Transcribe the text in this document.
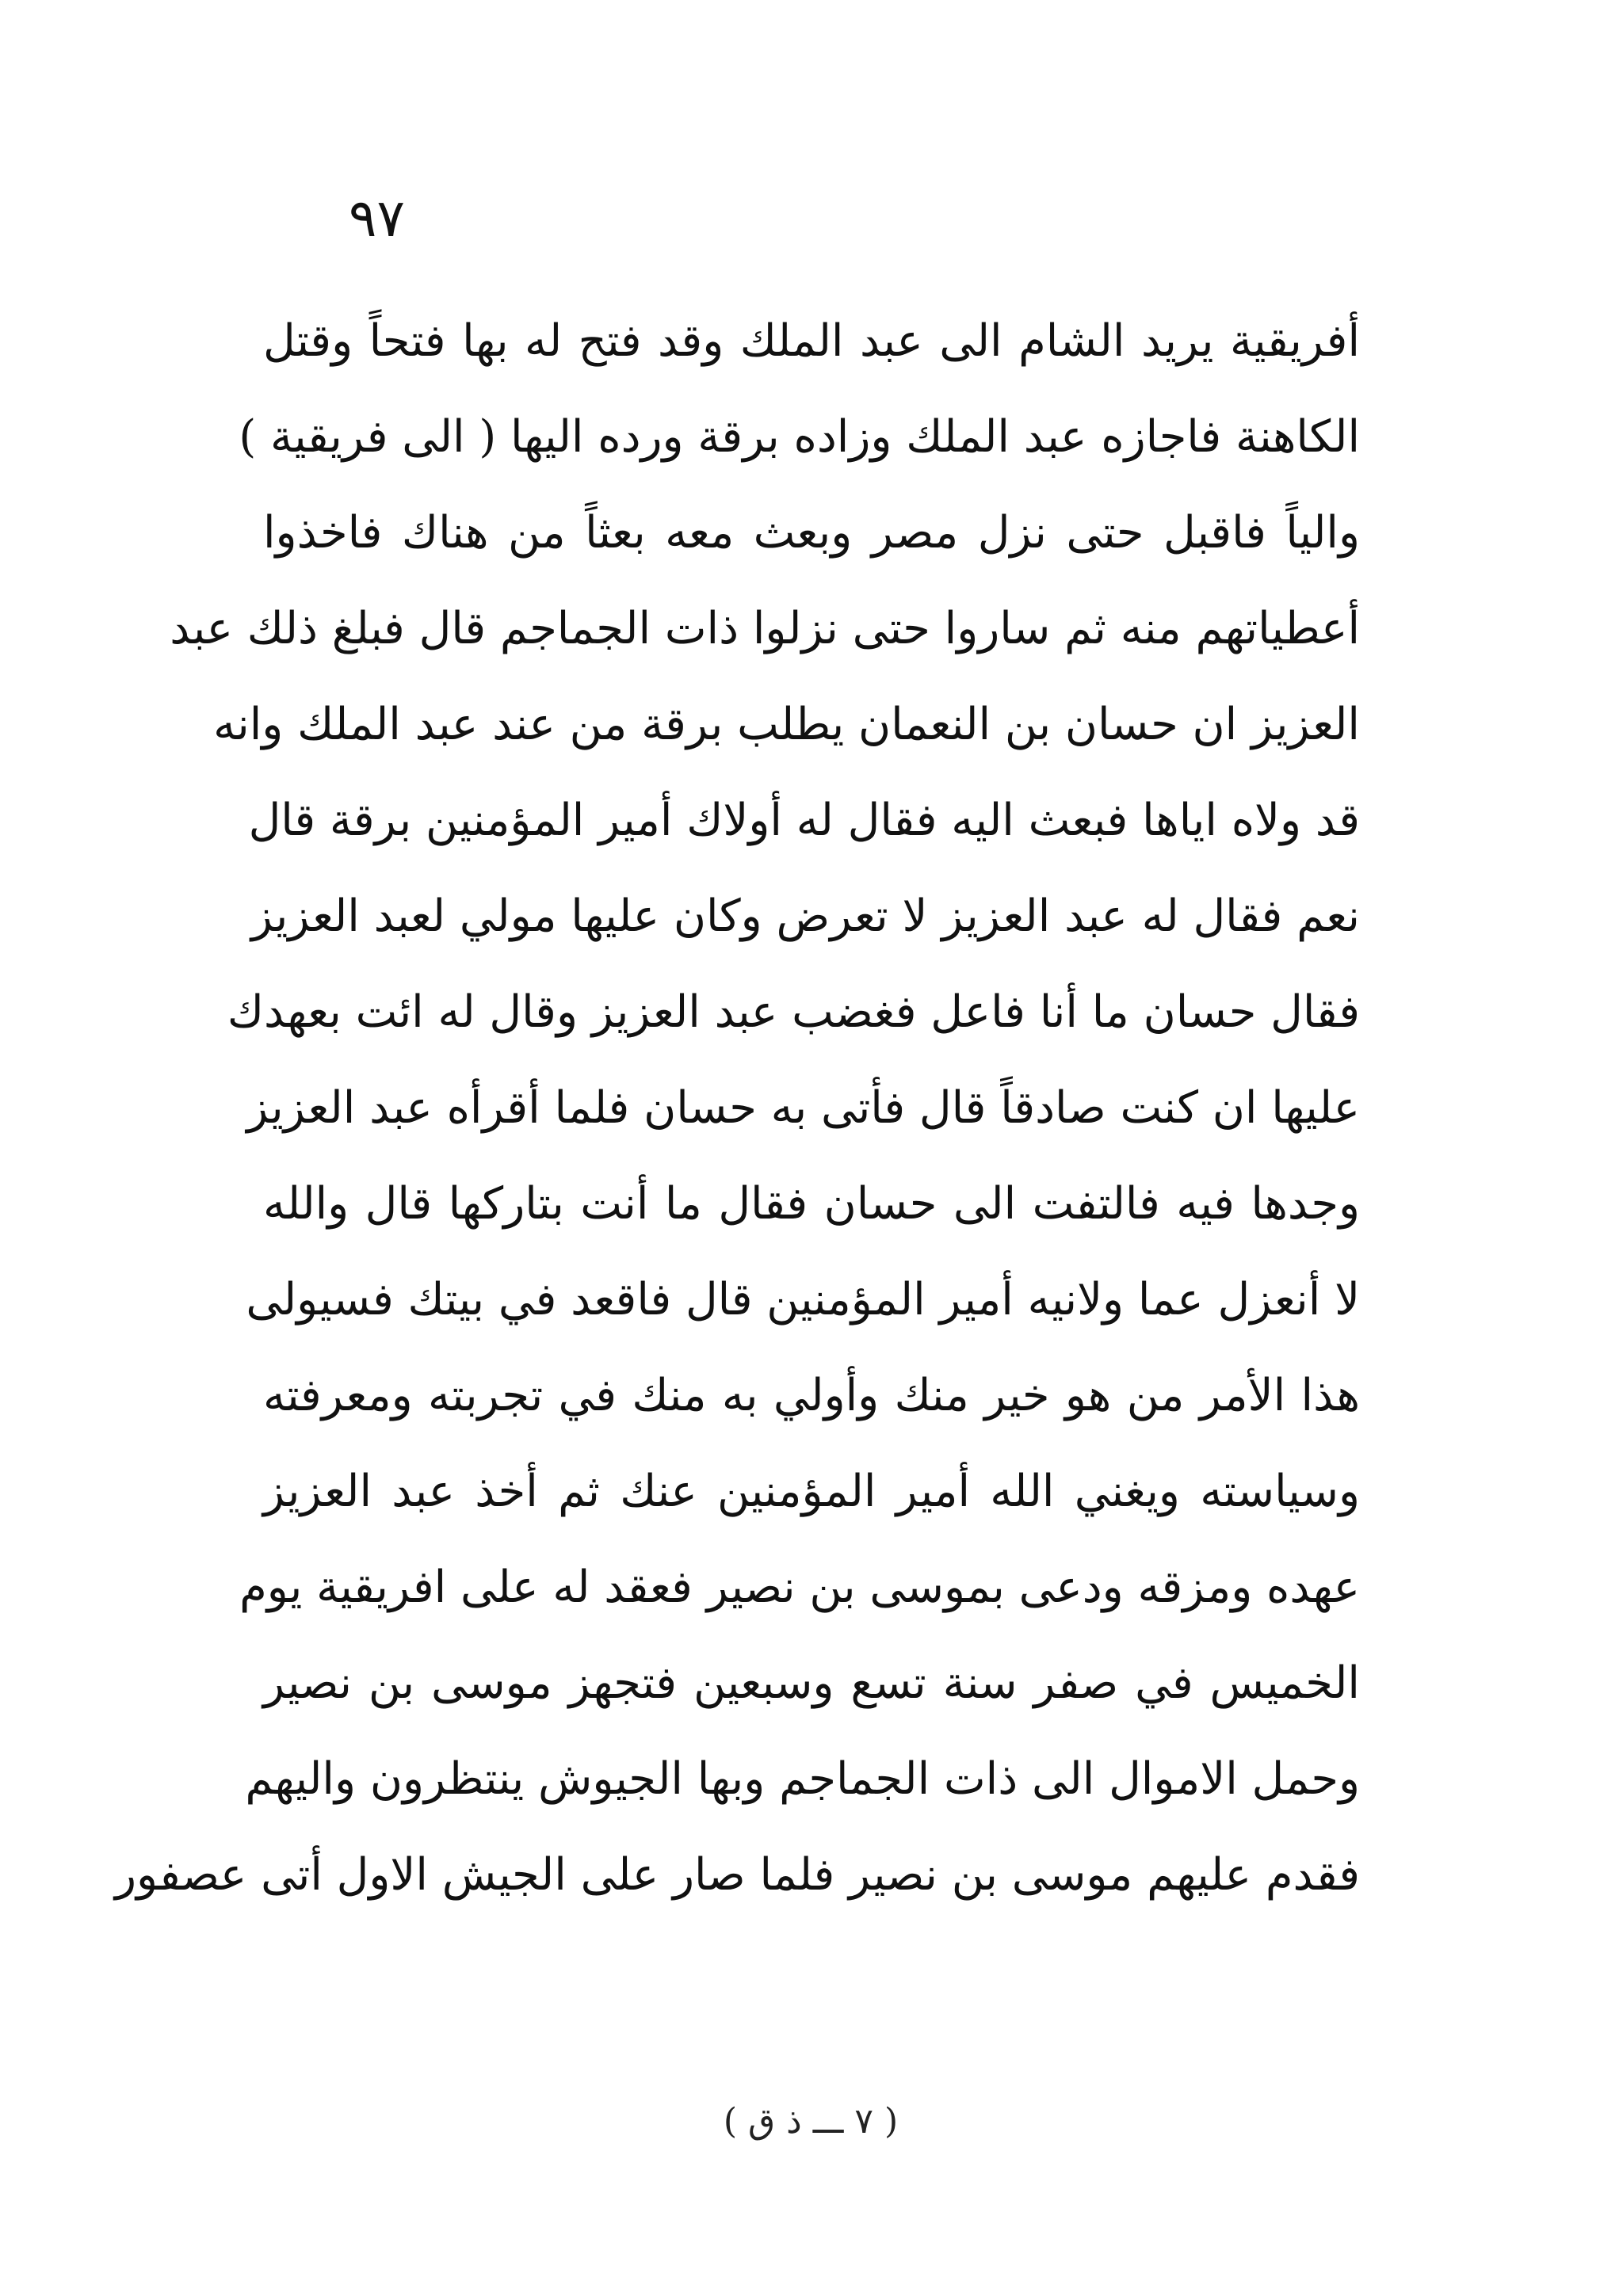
٩٧
أفريقية يريد الشام الى عبد الملك وقد فتح له بها فتحاً وقتل
الكاهنة فاجازه عبد الملك وزاده برقة ورده اليها ( الى فريقية )
والياً فاقبل حتى نزل مصر وبعث معه بعثاً من هناك فاخذوا
أعطياتهم منه ثم ساروا حتى نزلوا ذات الجماجم قال فبلغ ذلك عبد
العزيز ان حسان بن النعمان يطلب برقة من عند عبد الملك وانه
قد ولاه اياها فبعث اليه فقال له أولاك أمير المؤمنين برقة قال
نعم فقال له عبد العزيز لا تعرض وكان عليها مولي لعبد العزيز
فقال حسان ما أنا فاعل فغضب عبد العزيز وقال له ائت بعهدك
عليها ان كنت صادقاً قال فأتى به حسان فلما أقرأه عبد العزيز
وجدها فيه فالتفت الى حسان فقال ما أنت بتاركها قال والله
لا أنعزل عما ولانيه أمير المؤمنين قال فاقعد في بيتك فسيولى
هذا الأمر من هو خير منك وأولي به منك في تجربته ومعرفته
وسياسته ويغني الله أمير المؤمنين عنك ثم أخذ عبد العزيز
عهده ومزقه ودعى بموسى بن نصير فعقد له على افريقية يوم
الخميس في صفر سنة تسع وسبعين فتجهز موسى بن نصير
وحمل الاموال الى ذات الجماجم وبها الجيوش ينتظرون واليهم
فقدم عليهم موسى بن نصير فلما صار على الجيش الاول أتى عصفور
( ٧ ـــ ذ ق )
